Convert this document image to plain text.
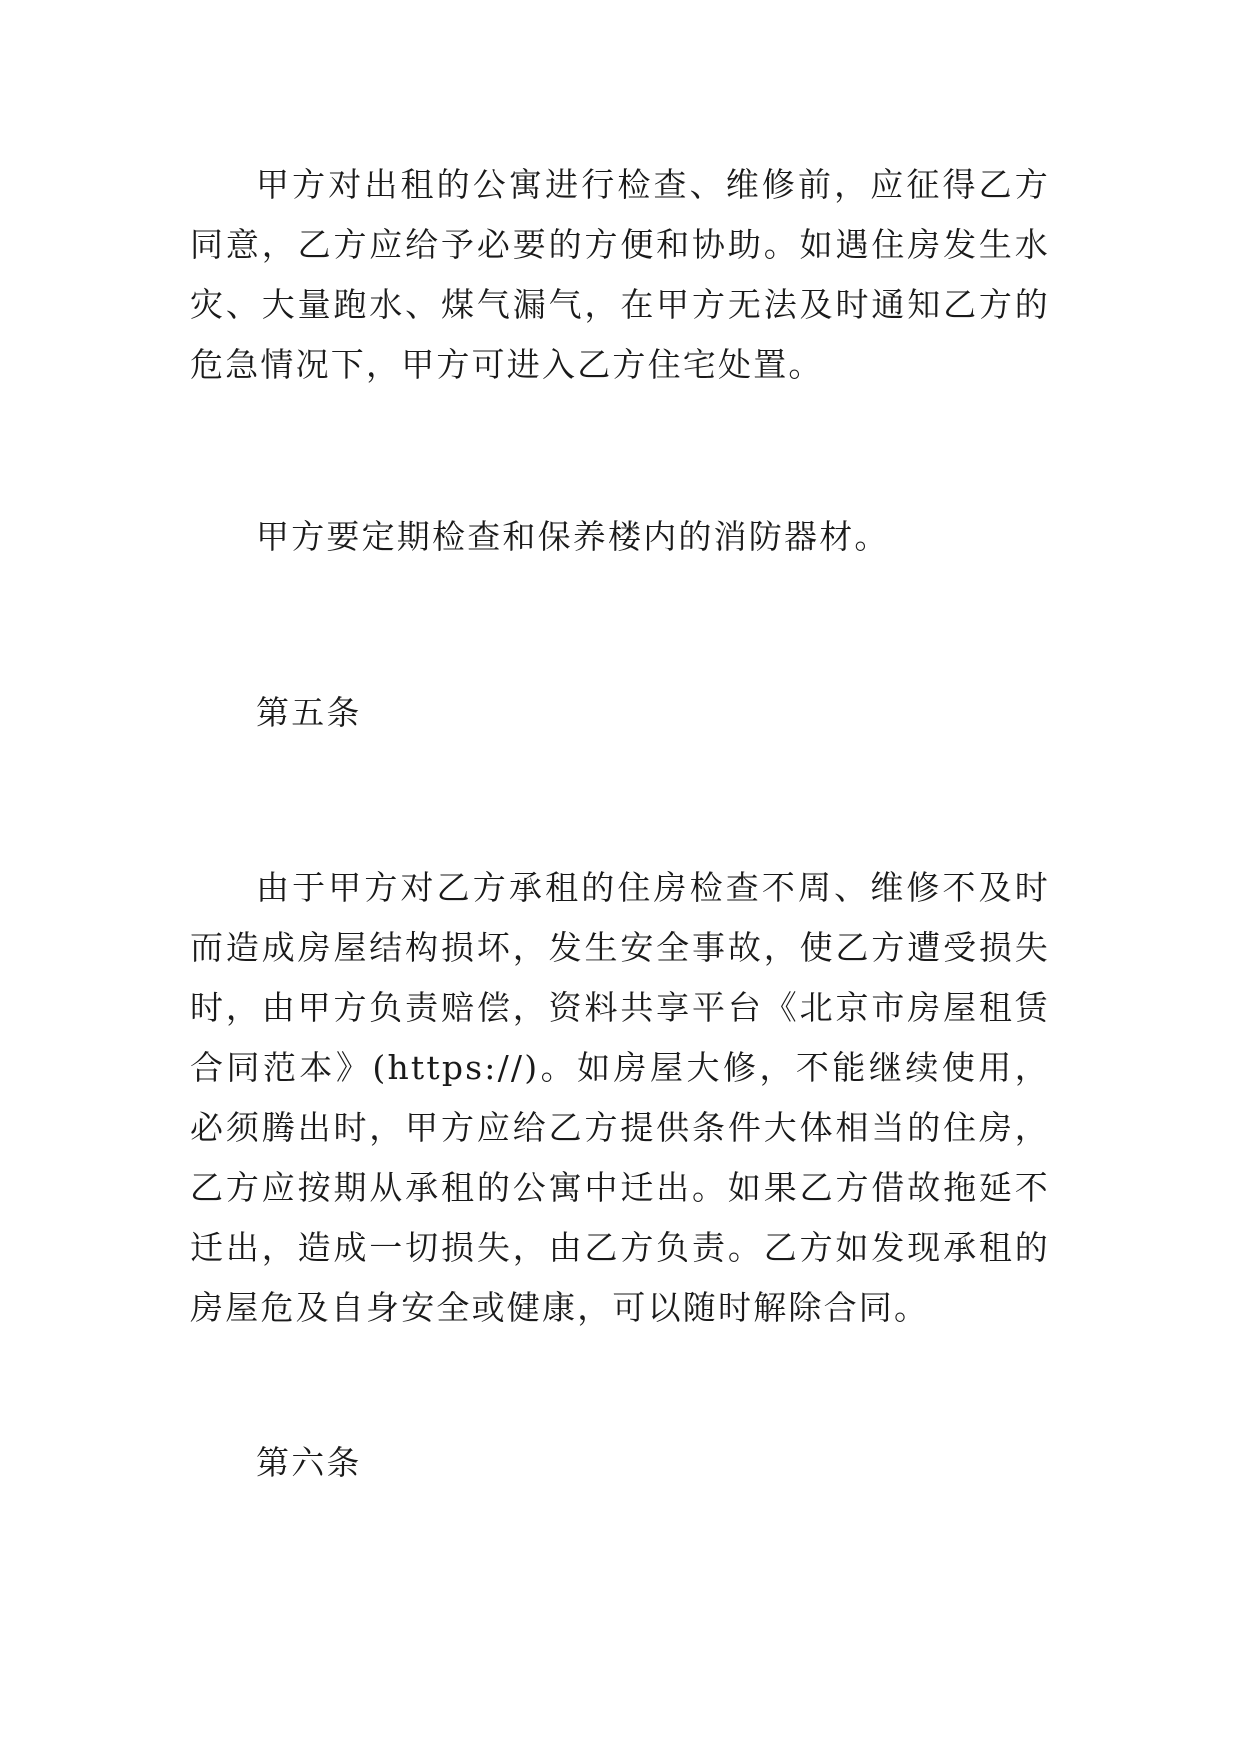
甲方对出租的公寓进行检查、维修前，应征得乙方同意，乙方应给予必要的方便和协助。如遇住房发生水灾、大量跑水、煤气漏气，在甲方无法及时通知乙方的危急情况下，甲方可进入乙方住宅处置。

甲方要定期检查和保养楼内的消防器材。

第五条

由于甲方对乙方承租的住房检查不周、维修不及时而造成房屋结构损坏，发生安全事故，使乙方遭受损失时，由甲方负责赔偿，资料共享平台《北京市房屋租赁合同范本》(https://)。如房屋大修，不能继续使用，必须腾出时，甲方应给乙方提供条件大体相当的住房，乙方应按期从承租的公寓中迁出。如果乙方借故拖延不迁出，造成一切损失，由乙方负责。乙方如发现承租的房屋危及自身安全或健康，可以随时解除合同。

第六条
